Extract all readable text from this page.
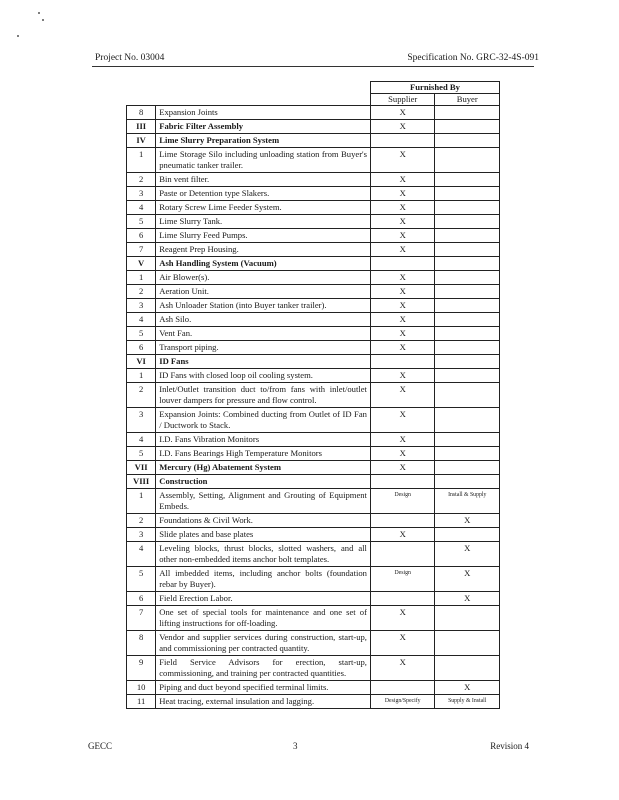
Project No. 03004	Specification No. GRC-32-4S-091

		Furnished By
Supplier Buyer	

8	Expansion Joints	X	
III	Fabric Filter Assembly	X	
IV	Lime Slurry Preparation System		
1	Lime Storage Silo including unloading station from Buyer's pneumatic tanker trailer.	X	
2	Bin vent filter.	X	
3	Paste or Detention type Slakers.	X	
4	Rotary Screw Lime Feeder System.	X	
5	Lime Slurry Tank.	X	
6	Lime Slurry Feed Pumps.	X	
7	Reagent Prep Housing.	X	
V	Ash Handling System (Vacuum)		
1	Air Blower(s).	X	
2	Aeration Unit.	X	
3	Ash Unloader Station (into Buyer tanker trailer).	X	
4	Ash Silo.	X	
5	Vent Fan.	X	
6	Transport piping.	X	
VI	ID Fans		
1	ID Fans with closed loop oil cooling system.	X	
2	Inlet/Outlet transition duct to/from fans with inlet/outlet louver dampers for pressure and flow control.	X	
3	Expansion Joints: Combined ducting from Outlet of ID Fan / Ductwork to Stack.	X	
4	I.D. Fans Vibration Monitors	X	
5	I.D. Fans Bearings High Temperature Monitors	X	
VII	Mercury (Hg) Abatement System	X	
VIII	Construction		
1	Assembly, Setting, Alignment and Grouting of Equipment Embeds.	Design	Install & Supply
2	Foundations & Civil Work.		X
3	Slide plates and base plates	X	
4	Leveling blocks, thrust blocks, slotted washers, and all other non-embedded items anchor bolt templates.		X
5	All imbedded items, including anchor bolts (foundation rebar by Buyer).	Design	X
6	Field Erection Labor.		X
7	One set of special tools for maintenance and one set of lifting instructions for off-loading.	X	
8	Vendor and supplier services during construction, start-up, and commissioning per contracted quantity.	X	
9	Field Service Advisors for erection, start-up, commissioning, and training per contracted quantities.	X	
10	Piping and duct beyond specified terminal limits.		X
11	Heat tracing, external insulation and lagging.	Design/Specify	Supply & Install
GECC	3	Revision 4
